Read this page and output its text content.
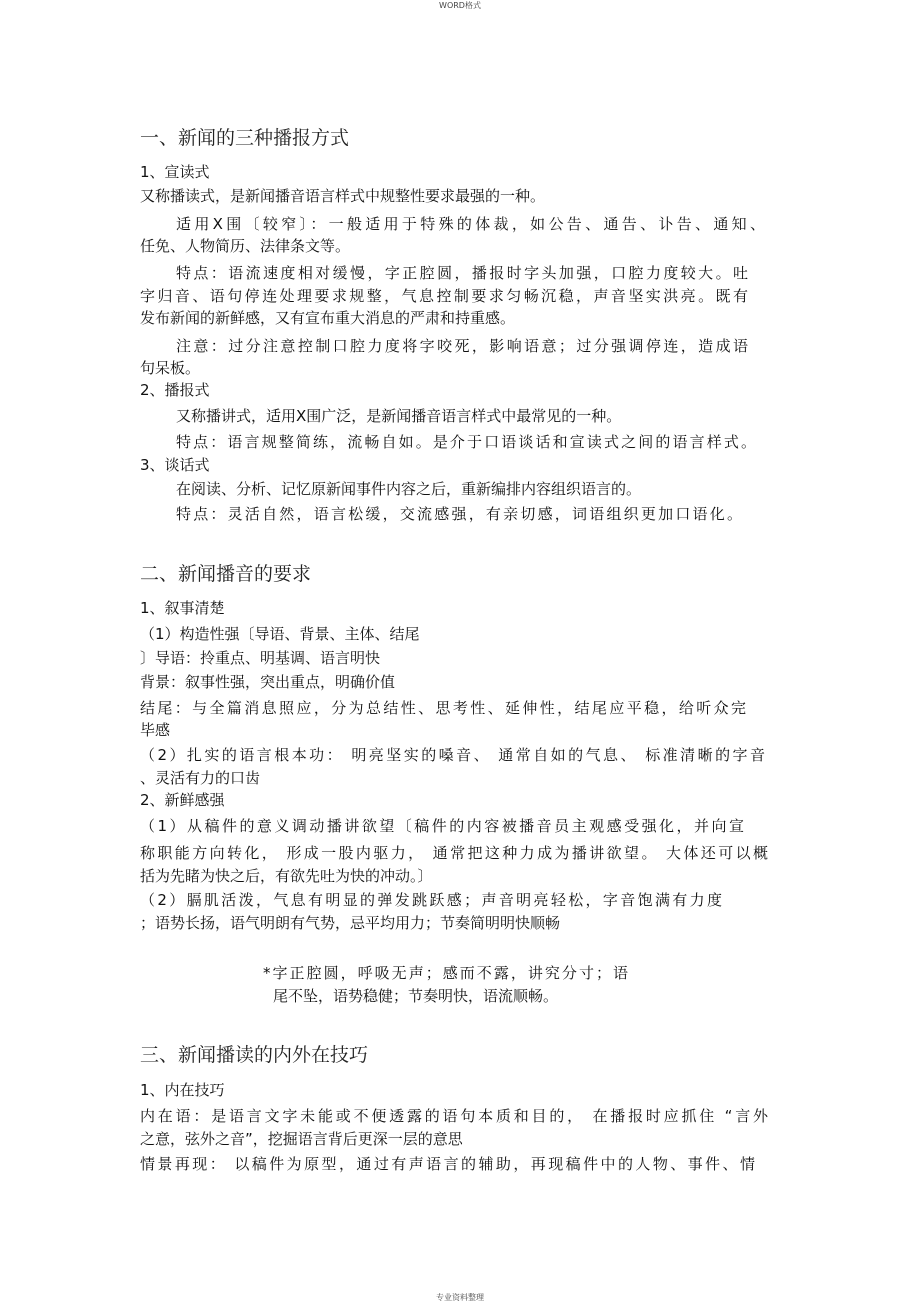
WORD格式
一、新闻的三种播报方式
1、宣读式
又称播读式，是新闻播音语言样式中规整性要求最强的一种。
适用X围〔较窄〕：一般适用于特殊的体裁，如公告、通告、讣告、通知、
任免、人物简历、法律条文等。
特点：语流速度相对缓慢，字正腔圆，播报时字头加强，口腔力度较大。吐
字归音、语句停连处理要求规整，气息控制要求匀畅沉稳，声音坚实洪亮。既有
发布新闻的新鲜感，又有宣布重大消息的严肃和持重感。
注意：过分注意控制口腔力度将字咬死，影响语意；过分强调停连，造成语
句呆板。
2、播报式
又称播讲式，适用X围广泛，是新闻播音语言样式中最常见的一种。
特点：语言规整简练，流畅自如。是介于口语谈话和宣读式之间的语言样式。
3、谈话式
在阅读、分析、记忆原新闻事件内容之后，重新编排内容组织语言的。
特点：灵活自然，语言松缓，交流感强，有亲切感，词语组织更加口语化。
二、新闻播音的要求
1、叙事清楚
（1）构造性强〔导语、背景、主体、结尾
〕导语：拎重点、明基调、语言明快
背景：叙事性强，突出重点，明确价值
结尾：与全篇消息照应，分为总结性、思考性、延伸性，结尾应平稳，给听众完
毕感
（2）扎实的语言根本功： 明亮坚实的嗓音、 通常自如的气息、 标准清晰的字音
、灵活有力的口齿
2、新鲜感强
（1）从稿件的意义调动播讲欲望〔稿件的内容被播音员主观感受强化，并向宣
称职能方向转化， 形成一股内驱力， 通常把这种力成为播讲欲望。 大体还可以概
括为先睹为快之后，有欲先吐为快的冲动。〕
（2）膈肌活泼，气息有明显的弹发跳跃感；声音明亮轻松，字音饱满有力度
；语势长扬，语气明朗有气势，忌平均用力；节奏简明明快顺畅
*字正腔圆，呼吸无声；感而不露，讲究分寸；语
尾不坠，语势稳健；节奏明快，语流顺畅。
三、新闻播读的内外在技巧
1、内在技巧
内在语：是语言文字未能或不便透露的语句本质和目的， 在播报时应抓住 “言外
之意，弦外之音”，挖掘语言背后更深一层的意思
情景再现： 以稿件为原型，通过有声语言的辅助，再现稿件中的人物、事件、情
专业资料整理
